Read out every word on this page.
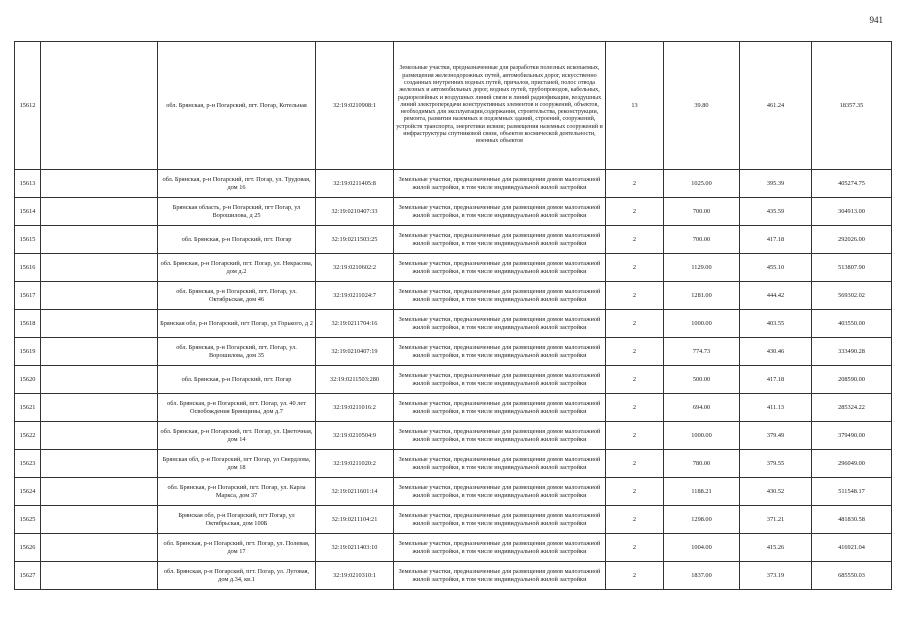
941
15612		обл. Брянская, р-н Погарский, пгт. Погар, Котельная	32:19:0210908:1	Земельные участки, предназначенные для разработки полезных ископаемых, размещения железнодорожных путей, автомобильных дорог, искусственно созданных внутренних водных путей, причалов, пристаней, полос отвода железных и автомобильных дорог, водных путей, трубопроводов, кабельных, радиорелейных и воздушных линий связи и линий радиофикации, воздушных линий электропередачи конструктивных элементов и сооружений, объектов, необходимых для эксплуатации,содержания, строительства, реконструкции, ремонта, развития наземных и подземных зданий, строений, сооружений, устройств транспорта, энергетики исвязи; размещения наземных сооружений и инфраструктуры спутниковой связи, объектов космической деятельности, военных объектов	13	39.80	461.24	18357.35
15613		обл. Брянская, р-н Погарский, пгт. Погар, ул. Трудовая, дом 16	32:19:0211405:8	Земельные участки, предназначенные для размещения домов малоэтажной жилой застройки, в том числе индивидуальной жилой застройки	2	1025.00	395.39	405274.75
15614		Брянская область, р-н Погарский, пгт Погар, ул Ворошилова, д 25	32:19:0210407:33	Земельные участки, предназначенные для размещения домов малоэтажной жилой застройки, в том числе индивидуальной жилой застройки	2	700.00	435.59	304913.00
15615		обл. Брянская, р-н Погарский, пгт. Погар	32:19:0211503:25	Земельные участки, предназначенные для размещения домов малоэтажной жилой застройки, в том числе индивидуальной жилой застройки	2	700.00	417.18	292026.00
15616		обл. Брянская, р-н Погарский, пгт. Погар, ул. Некрасова, дом д.2	32:19:0210602:2	Земельные участки, предназначенные для размещения домов малоэтажной жилой застройки, в том числе индивидуальной жилой застройки	2	1129.00	455.10	513807.90
15617		обл. Брянская, р-н Погарский, пгт. Погар, ул. Октябрьская, дом 46	32:19:0211024:7	Земельные участки, предназначенные для размещения домов малоэтажной жилой застройки, в том числе индивидуальной жилой застройки	2	1281.00	444.42	569302.02
15618		Брянская обл, р-н Погарский, пгт Погар, ул Горького, д 2	32:19:0211704:16	Земельные участки, предназначенные для размещения домов малоэтажной жилой застройки, в том числе индивидуальной жилой застройки	2	1000.00	403.55	403550.00
15619		обл. Брянская, р-н Погарский, пгт. Погар, ул. Ворошилова, дом 35	32:19:0210407:19	Земельные участки, предназначенные для размещения домов малоэтажной жилой застройки, в том числе индивидуальной жилой застройки	2	774.73	430.46	333490.28
15620		обл. Брянская, р-н Погарский, пгт. Погар	32:19:0211503:280	Земельные участки, предназначенные для размещения домов малоэтажной жилой застройки, в том числе индивидуальной жилой застройки	2	500.00	417.18	208590.00
15621		обл. Брянская, р-н Погарский, пгт. Погар, ул. 40 лет Освобождения Брянщины, дом д.7	32:19:0211016:2	Земельные участки, предназначенные для размещения домов малоэтажной жилой застройки, в том числе индивидуальной жилой застройки	2	694.00	411.13	285324.22
15622		обл. Брянская, р-н Погарский, пгт. Погар, ул. Цветочная, дом 14	32:19:0210504:9	Земельные участки, предназначенные для размещения домов малоэтажной жилой застройки, в том числе индивидуальной жилой застройки	2	1000.00	379.49	379490.00
15623		Брянская обл, р-н Погарский, пгт Погар, ул Свердлова, дом 18	32:19:0211020:2	Земельные участки, предназначенные для размещения домов малоэтажной жилой застройки, в том числе индивидуальной жилой застройки	2	780.00	379.55	296049.00
15624		обл. Брянская, р-н Погарский, пгт. Погар, ул. Карла Маркса, дом 37	32:19:0211601:14	Земельные участки, предназначенные для размещения домов малоэтажной жилой застройки, в том числе индивидуальной жилой застройки	2	1188.21	430.52	511548.17
15625		Брянская обл, р-н Погарский, пгт Погар, ул Октябрьская, дом 100Б	32:19:0211104:21	Земельные участки, предназначенные для размещения домов малоэтажной жилой застройки, в том числе индивидуальной жилой застройки	2	1298.00	371.21	481830.58
15626		обл. Брянская, р-н Погарский, пгт. Погар, ул. Полевая, дом 17	32:19:0211403:10	Земельные участки, предназначенные для размещения домов малоэтажной жилой застройки, в том числе индивидуальной жилой застройки	2	1004.00	415.26	416921.04
15627		обл. Брянская, р-н Погарский, пгт. Погар, ул. Луговая, дом д.34, кв.1	32:19:0210310:1	Земельные участки, предназначенные для размещения домов малоэтажной жилой застройки, в том числе индивидуальной жилой застройки	2	1837.00	373.19	685550.03
